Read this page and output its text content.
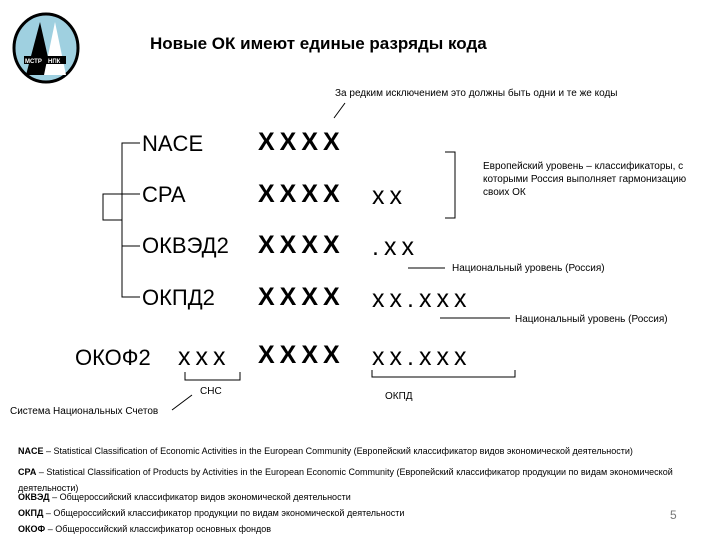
МСТР НПК
Новые ОК имеют единые разряды кода
За редким исключением это должны быть одни и те же коды
NACE XXXX
CPA	XXXX xx
ОКВЭД2 XXXX .xx
ОКПД2 XXXX xx.xxx
ОКОФ2 xxx XXXX xx.xxx
Европейский уровень – классификаторы, с которыми Россия выполняет гармонизацию своих ОК
Национальный уровень (Россия)
Национальный уровень (Россия)
СНС	ОКПД
Система Национальных Счетов
NACE – Statistical Classification of Economic Activities in the European Community (Европейский классификатор видов экономической деятельности)
CPA – Statistical Classification of Products by Activities in the European Economic Community (Европейский классификатор продукции по видам экономической деятельности)
ОКВЭД – Общероссийский классификатор видов экономической деятельности
ОКПД – Общероссийский классификатор продукции по видам экономической деятельности
ОКОФ – Общероссийский классификатор основных фондов
5
